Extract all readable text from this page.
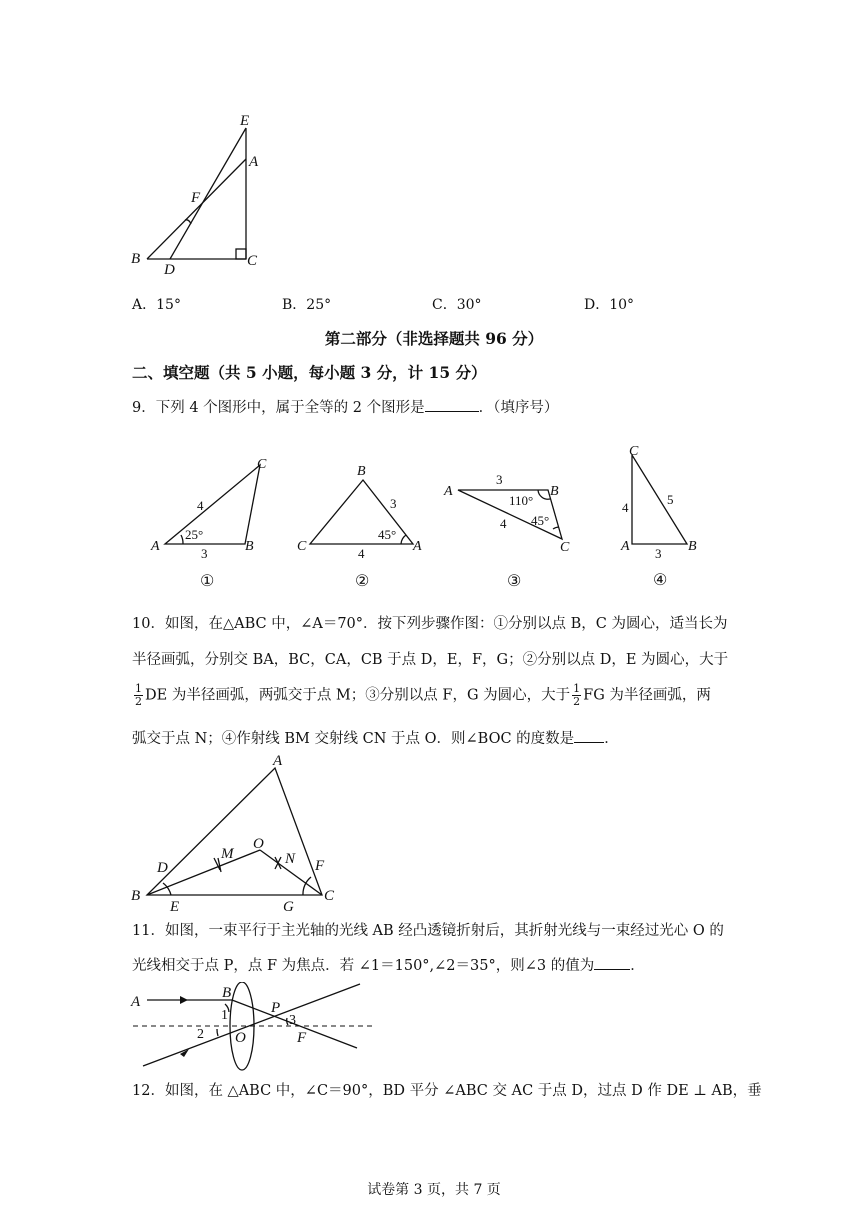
E
A
F
B
D
C
A．15°	B．25°	C．30°	D．10°
第二部分（非选择题共 96 分）
二、填空题（共 5 小题，每小题 3 分，计 15 分）
9．下列 4 个图形中，属于全等的 2 个图形是	．（填序号）
A	B
C
4
3
25°
①
C	A
B
3
4
45°
②
A	B
C
3
4
110°
45°
③
C
A	B
4
5
3
④
10．如图，在△ABC 中，∠A＝70°．按下列步骤作图：①分别以点 B，C 为圆心，适当长为
半径画弧，分别交 BA，BC，CA，CB 于点 D，E，F，G；②分别以点 D，E 为圆心，大于
$\frac{1}{2}$ DE 为半径画弧，两弧交于点 M；③分别以点 F，G 为圆心，大于 $\frac{1}{2}$ FG 为半径画弧，两
弧交于点 N；④作射线 BM 交射线 CN 于点 O．则∠BOC 的度数是 ．
A
B	C
D
E
F
G
M	N
O
11．如图，一束平行于主光轴的光线 AB 经凸透镜折射后，其折射光线与一束经过光心 O 的
光线相交于点 P，点 F 为焦点．若 ∠1＝150°,∠2＝35°，则∠3 的值为 ．
A
B
P
O	F
1
2
3
12．如图，在 △ABC 中，∠C＝90°，BD 平分 ∠ABC 交 AC 于点 D，过点 D 作 DE ⊥ AB，垂
试卷第 3 页，共 7 页
